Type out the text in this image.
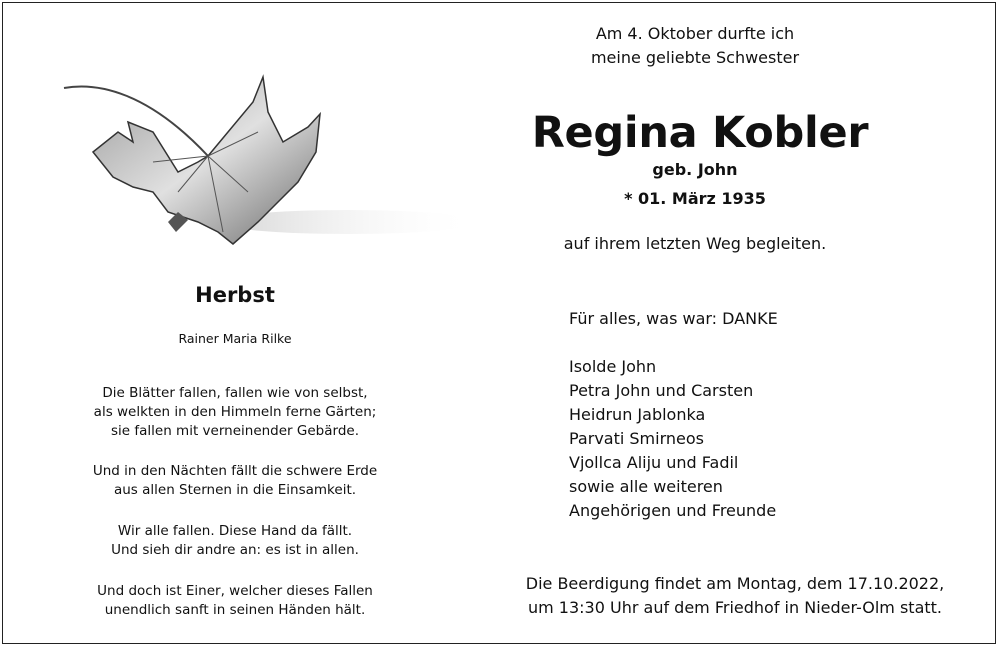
Herbst
Rainer Maria Rilke
Die Blätter fallen, fallen wie von selbst,
als welkten in den Himmeln ferne Gärten;
sie fallen mit verneinender Gebärde.
Und in den Nächten fällt die schwere Erde
aus allen Sternen in die Einsamkeit.
Wir alle fallen. Diese Hand da fällt.
Und sieh dir andre an: es ist in allen.
Und doch ist Einer, welcher dieses Fallen
unendlich sanft in seinen Händen hält.
Am 4. Oktober durfte ich
meine geliebte Schwester
Regina Kobler
geb. John
* 01. März 1935
auf ihrem letzten Weg begleiten.
Für alles, was war: DANKE
Isolde John
Petra John und Carsten
Heidrun Jablonka
Parvati Smirneos
Vjollca Aliju und Fadil
sowie alle weiteren
Angehörigen und Freunde
Die Beerdigung findet am Montag, dem 17.10.2022,
um 13:30 Uhr auf dem Friedhof in Nieder-Olm statt.
